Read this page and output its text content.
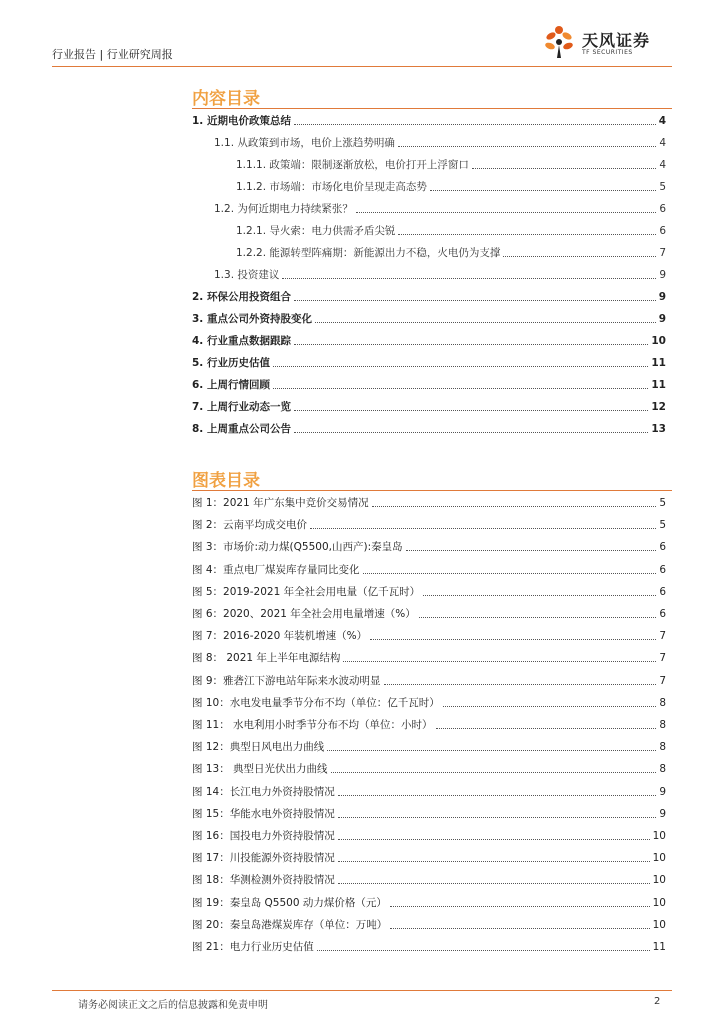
行业报告 | 行业研究周报
天风证券
TF SECURITIES
内容目录
1. 近期电价政策总结	4
1.1. 从政策到市场，电价上涨趋势明确	4
1.1.1. 政策端：限制逐渐放松，电价打开上浮窗口	4
1.1.2. 市场端：市场化电价呈现走高态势	5
1.2. 为何近期电力持续紧张？	6
1.2.1. 导火索：电力供需矛盾尖锐	6
1.2.2. 能源转型阵痛期：新能源出力不稳，火电仍为支撑	7
1.3. 投资建议	9
2. 环保公用投资组合	9
3. 重点公司外资持股变化	9
4. 行业重点数据跟踪	10
5. 行业历史估值	11
6. 上周行情回顾	11
7. 上周行业动态一览	12
8. 上周重点公司公告	13
图表目录
图 1：2021 年广东集中竞价交易情况	5
图 2：云南平均成交电价	5
图 3：市场价:动力煤(Q5500,山西产):秦皇岛	6
图 4：重点电厂煤炭库存量同比变化	6
图 5：2019-2021 年全社会用电量（亿千瓦时）	6
图 6：2020、2021 年全社会用电量增速（%）	6
图 7：2016-2020 年装机增速（%）	7
图 8： 2021 年上半年电源结构	7
图 9：雅砻江下游电站年际来水波动明显	7
图 10：水电发电量季节分布不均（单位：亿千瓦时）	8
图 11： 水电利用小时季节分布不均（单位：小时）	8
图 12：典型日风电出力曲线	8
图 13： 典型日光伏出力曲线	8
图 14：长江电力外资持股情况	9
图 15：华能水电外资持股情况	9
图 16：国投电力外资持股情况	10
图 17：川投能源外资持股情况	10
图 18：华测检测外资持股情况	10
图 19：秦皇岛 Q5500 动力煤价格（元）	10
图 20：秦皇岛港煤炭库存（单位：万吨）	10
图 21：电力行业历史估值	11
请务必阅读正文之后的信息披露和免责申明	2
